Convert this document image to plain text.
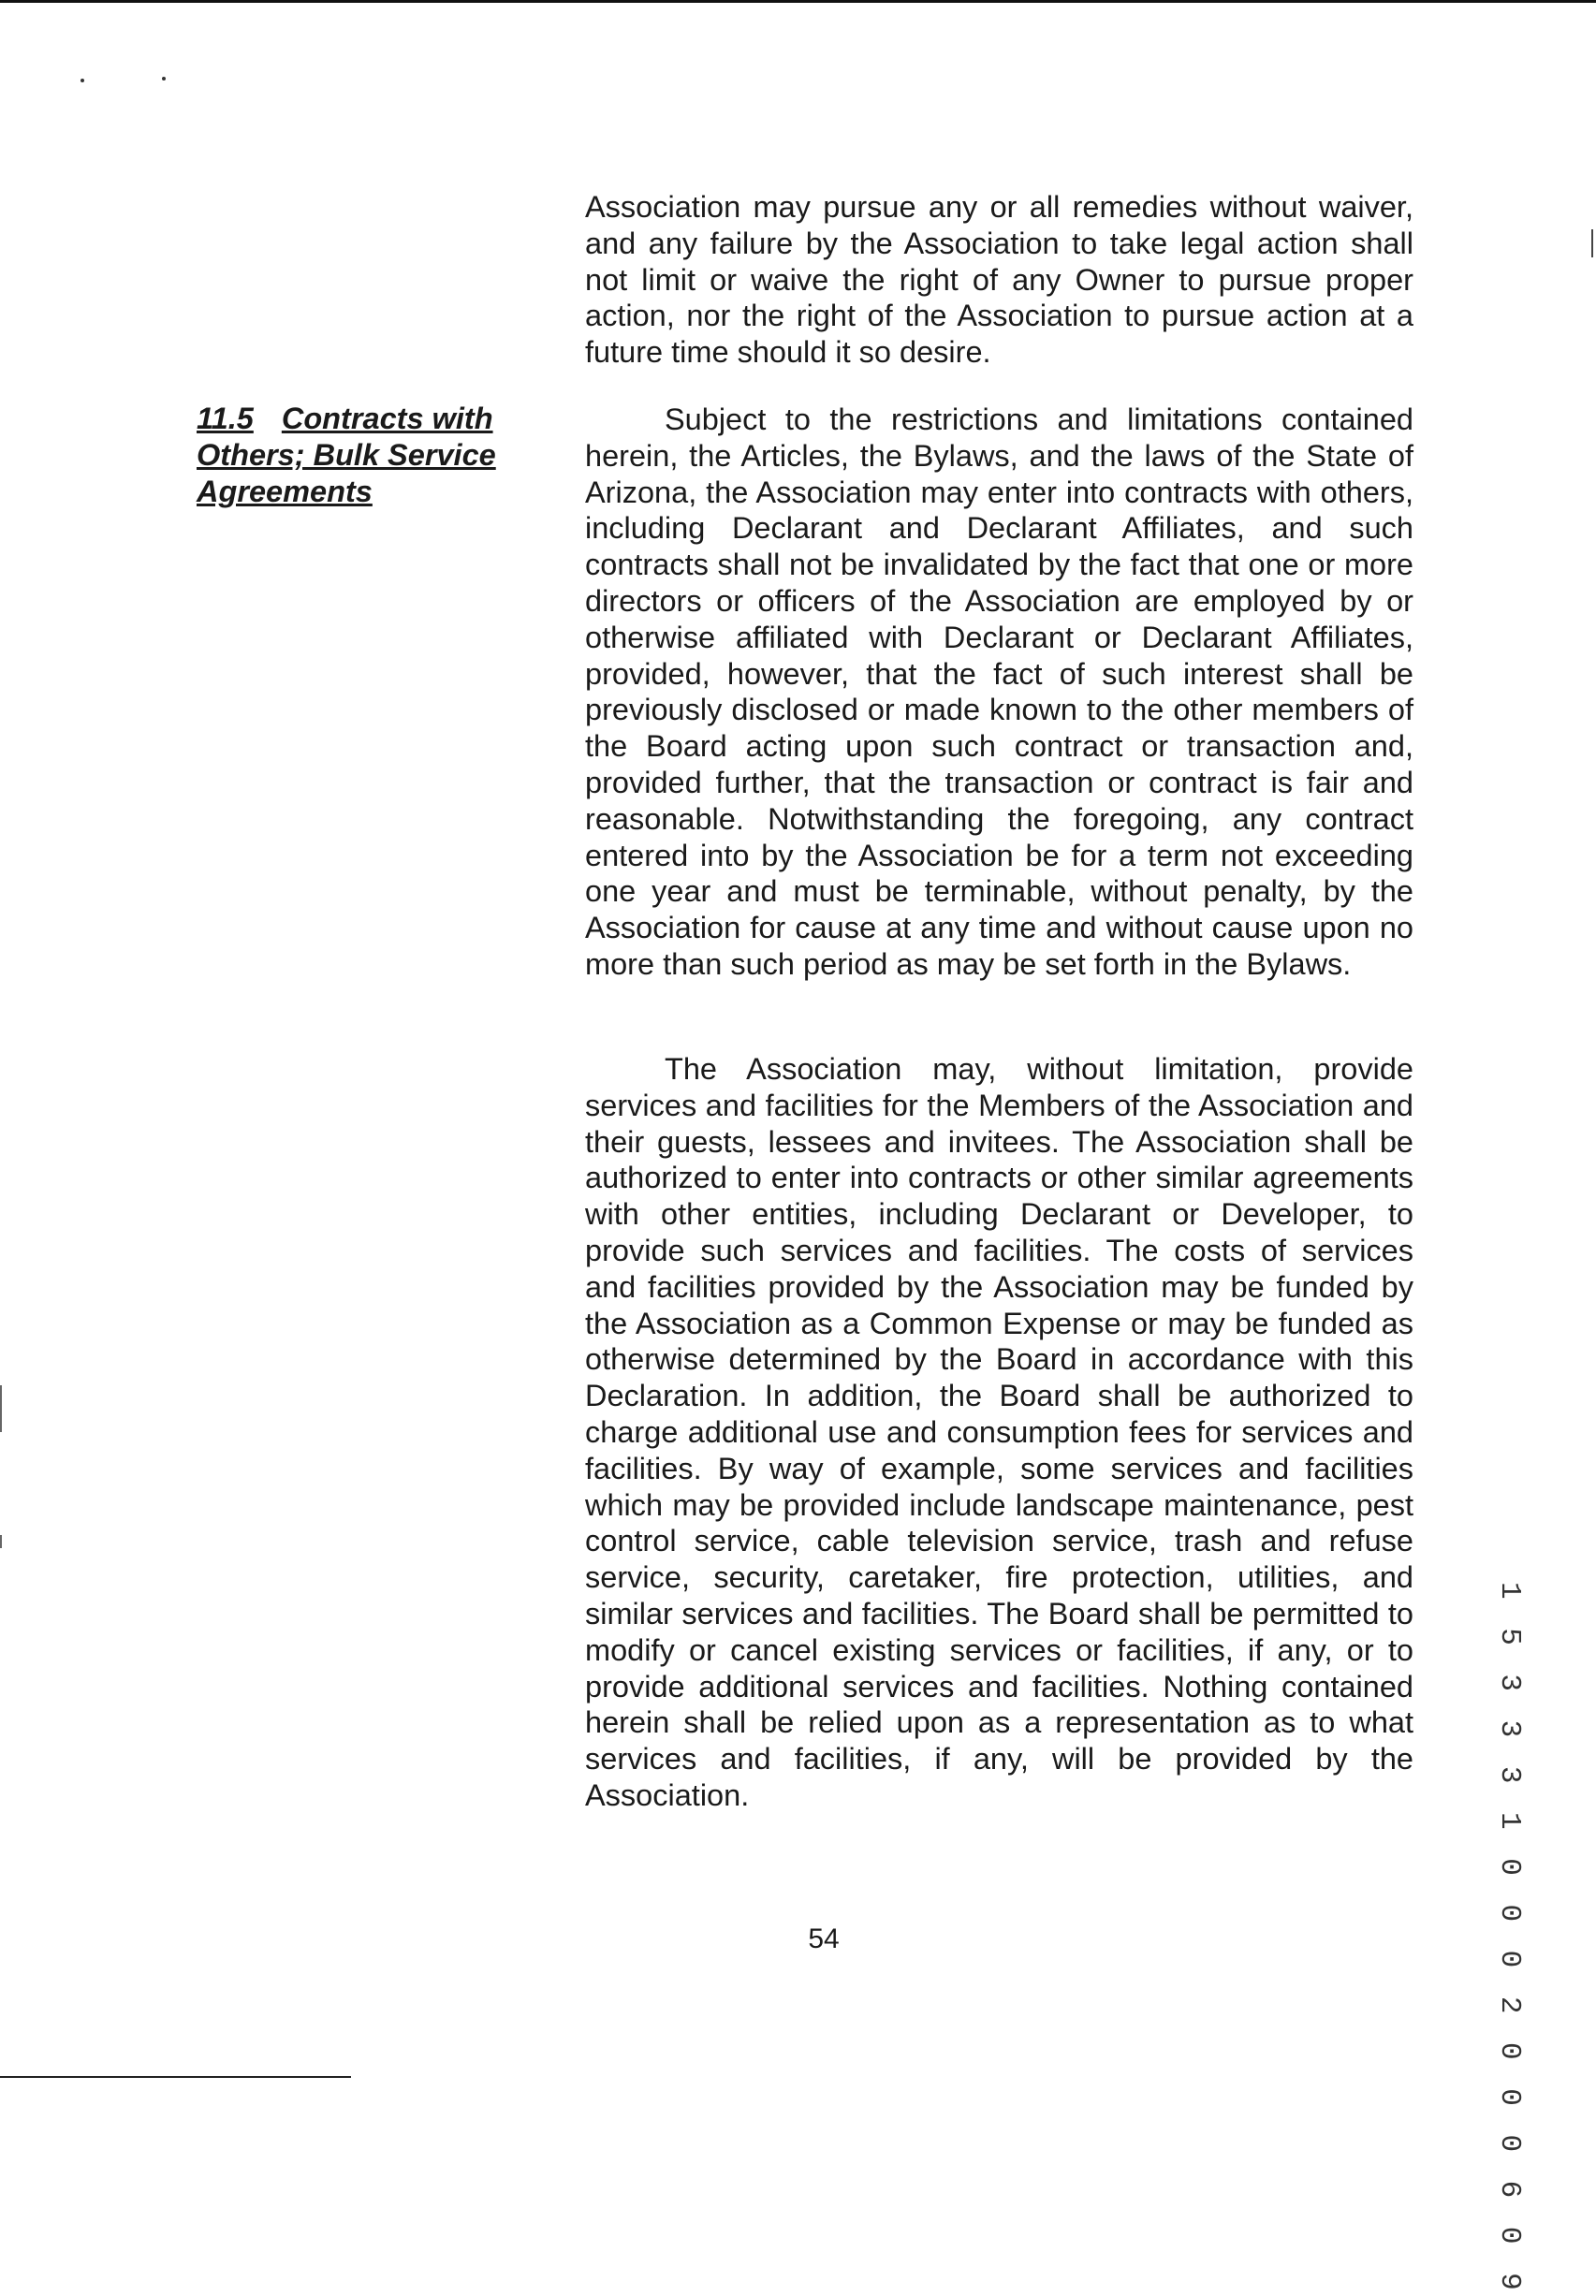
Association may pursue any or all remedies without waiver, and any failure by the Association to take legal action shall not limit or waive the right of any Owner to pursue proper action, nor the right of the Association to pursue action at a future time should it so desire.

11.5 Contracts with Others; Bulk Service Agreements

Subject to the restrictions and limitations contained herein, the Articles, the Bylaws, and the laws of the State of Arizona, the Association may enter into contracts with others, including Declarant and Declarant Affiliates, and such contracts shall not be invalidated by the fact that one or more directors or officers of the Association are employed by or otherwise affiliated with Declarant or Declarant Affiliates, provided, however, that the fact of such interest shall be previously disclosed or made known to the other members of the Board acting upon such contract or transaction and, provided further, that the transaction or contract is fair and reasonable. Notwithstanding the foregoing, any contract entered into by the Association be for a term not exceeding one year and must be terminable, without penalty, by the Association for cause at any time and without cause upon no more than such period as may be set forth in the Bylaws.

The Association may, without limitation, provide services and facilities for the Members of the Association and their guests, lessees and invitees. The Association shall be authorized to enter into contracts or other similar agreements with other entities, including Declarant or Developer, to provide such services and facilities. The costs of services and facilities provided by the Association may be funded by the Association as a Common Expense or may be funded as otherwise determined by the Board in accordance with this Declaration. In addition, the Board shall be authorized to charge additional use and consumption fees for services and facilities. By way of example, some services and facilities which may be provided include landscape maintenance, pest control service, cable television service, trash and refuse service, security, caretaker, fire protection, utilities, and similar services and facilities. The Board shall be permitted to modify or cancel existing services or facilities, if any, or to provide additional services and facilities. Nothing contained herein shall be relied upon as a representation as to what services and facilities, if any, will be provided by the Association.

54	1 5 3 3 3 1 0 0 0 2 0 0 0 6 0 9
